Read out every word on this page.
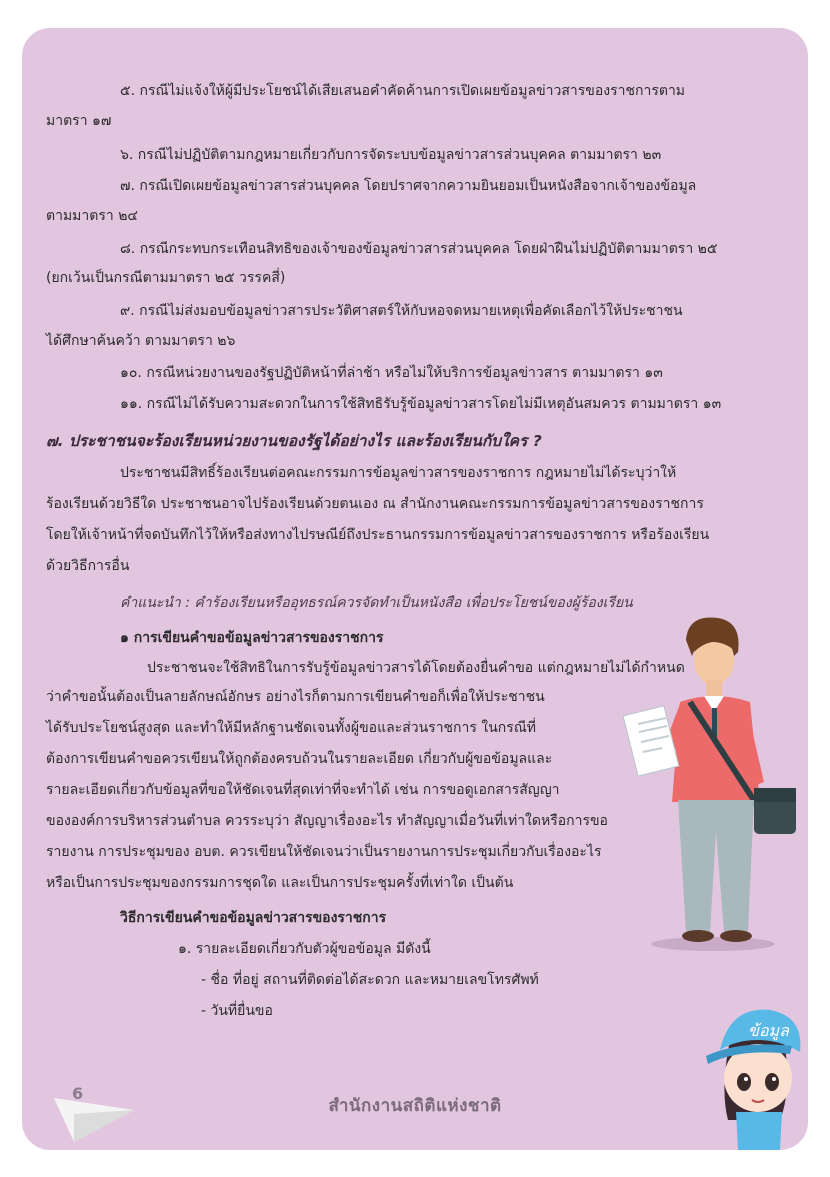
๕. กรณีไม่แจ้งให้ผู้มีประโยชน์ได้เสียเสนอคำคัดค้านการเปิดเผยข้อมูลข่าวสารของราชการตาม
มาตรา ๑๗
๖. กรณีไม่ปฏิบัติตามกฎหมายเกี่ยวกับการจัดระบบข้อมูลข่าวสารส่วนบุคคล ตามมาตรา ๒๓
๗. กรณีเปิดเผยข้อมูลข่าวสารส่วนบุคคล โดยปราศจากความยินยอมเป็นหนังสือจากเจ้าของข้อมูล
ตามมาตรา ๒๔
๘. กรณีกระทบกระเทือนสิทธิของเจ้าของข้อมูลข่าวสารส่วนบุคคล โดยฝ่าฝืนไม่ปฏิบัติตามมาตรา ๒๕
(ยกเว้นเป็นกรณีตามมาตรา ๒๕ วรรคสี่)
๙. กรณีไม่ส่งมอบข้อมูลข่าวสารประวัติศาสตร์ให้กับหอจดหมายเหตุเพื่อคัดเลือกไว้ให้ประชาชน
ได้ศึกษาค้นคว้า ตามมาตรา ๒๖
๑๐. กรณีหน่วยงานของรัฐปฏิบัติหน้าที่ล่าช้า หรือไม่ให้บริการข้อมูลข่าวสาร ตามมาตรา ๑๓
๑๑. กรณีไม่ได้รับความสะดวกในการใช้สิทธิรับรู้ข้อมูลข่าวสารโดยไม่มีเหตุอันสมควร ตามมาตรา ๑๓
๗. ประชาชนจะร้องเรียนหน่วยงานของรัฐได้อย่างไร และร้องเรียนกับใคร ?
ประชาชนมีสิทธิ์ร้องเรียนต่อคณะกรรมการข้อมูลข่าวสารของราชการ กฎหมายไม่ได้ระบุว่าให้
ร้องเรียนด้วยวิธีใด ประชาชนอาจไปร้องเรียนด้วยตนเอง ณ สำนักงานคณะกรรมการข้อมูลข่าวสารของราชการ
โดยให้เจ้าหน้าที่จดบันทึกไว้ให้หรือส่งทางไปรษณีย์ถึงประธานกรรมการข้อมูลข่าวสารของราชการ หรือร้องเรียน
ด้วยวิธีการอื่น
คำแนะนำ : คำร้องเรียนหรืออุทธรณ์ควรจัดทำเป็นหนังสือ เพื่อประโยชน์ของผู้ร้องเรียน
๑ การเขียนคำขอข้อมูลข่าวสารของราชการ
ประชาชนจะใช้สิทธิในการรับรู้ข้อมูลข่าวสารได้โดยต้องยื่นคำขอ แต่กฎหมายไม่ได้กำหนด
ว่าคำขอนั้นต้องเป็นลายลักษณ์อักษร อย่างไรก็ตามการเขียนคำขอก็เพื่อให้ประชาชน
ได้รับประโยชน์สูงสุด และทำให้มีหลักฐานชัดเจนทั้งผู้ขอและส่วนราชการ ในกรณีที่
ต้องการเขียนคำขอควรเขียนให้ถูกต้องครบถ้วนในรายละเอียด เกี่ยวกับผู้ขอข้อมูลและ
รายละเอียดเกี่ยวกับข้อมูลที่ขอให้ชัดเจนที่สุดเท่าที่จะทำได้ เช่น การขอดูเอกสารสัญญา
ขององค์การบริหารส่วนตำบล ควรระบุว่า สัญญาเรื่องอะไร ทำสัญญาเมื่อวันที่เท่าใดหรือการขอ
รายงาน การประชุมของ อบต. ควรเขียนให้ชัดเจนว่าเป็นรายงานการประชุมเกี่ยวกับเรื่องอะไร
หรือเป็นการประชุมของกรรมการชุดใด และเป็นการประชุมครั้งที่เท่าใด เป็นต้น
วิธีการเขียนคำขอข้อมูลข่าวสารของราชการ
๑. รายละเอียดเกี่ยวกับตัวผู้ขอข้อมูล มีดังนี้
- ชื่อ ที่อยู่ สถานที่ติดต่อได้สะดวก และหมายเลขโทรศัพท์
- วันที่ยื่นขอ
ข้อมูล
6
สำนักงานสถิติแห่งชาติ
